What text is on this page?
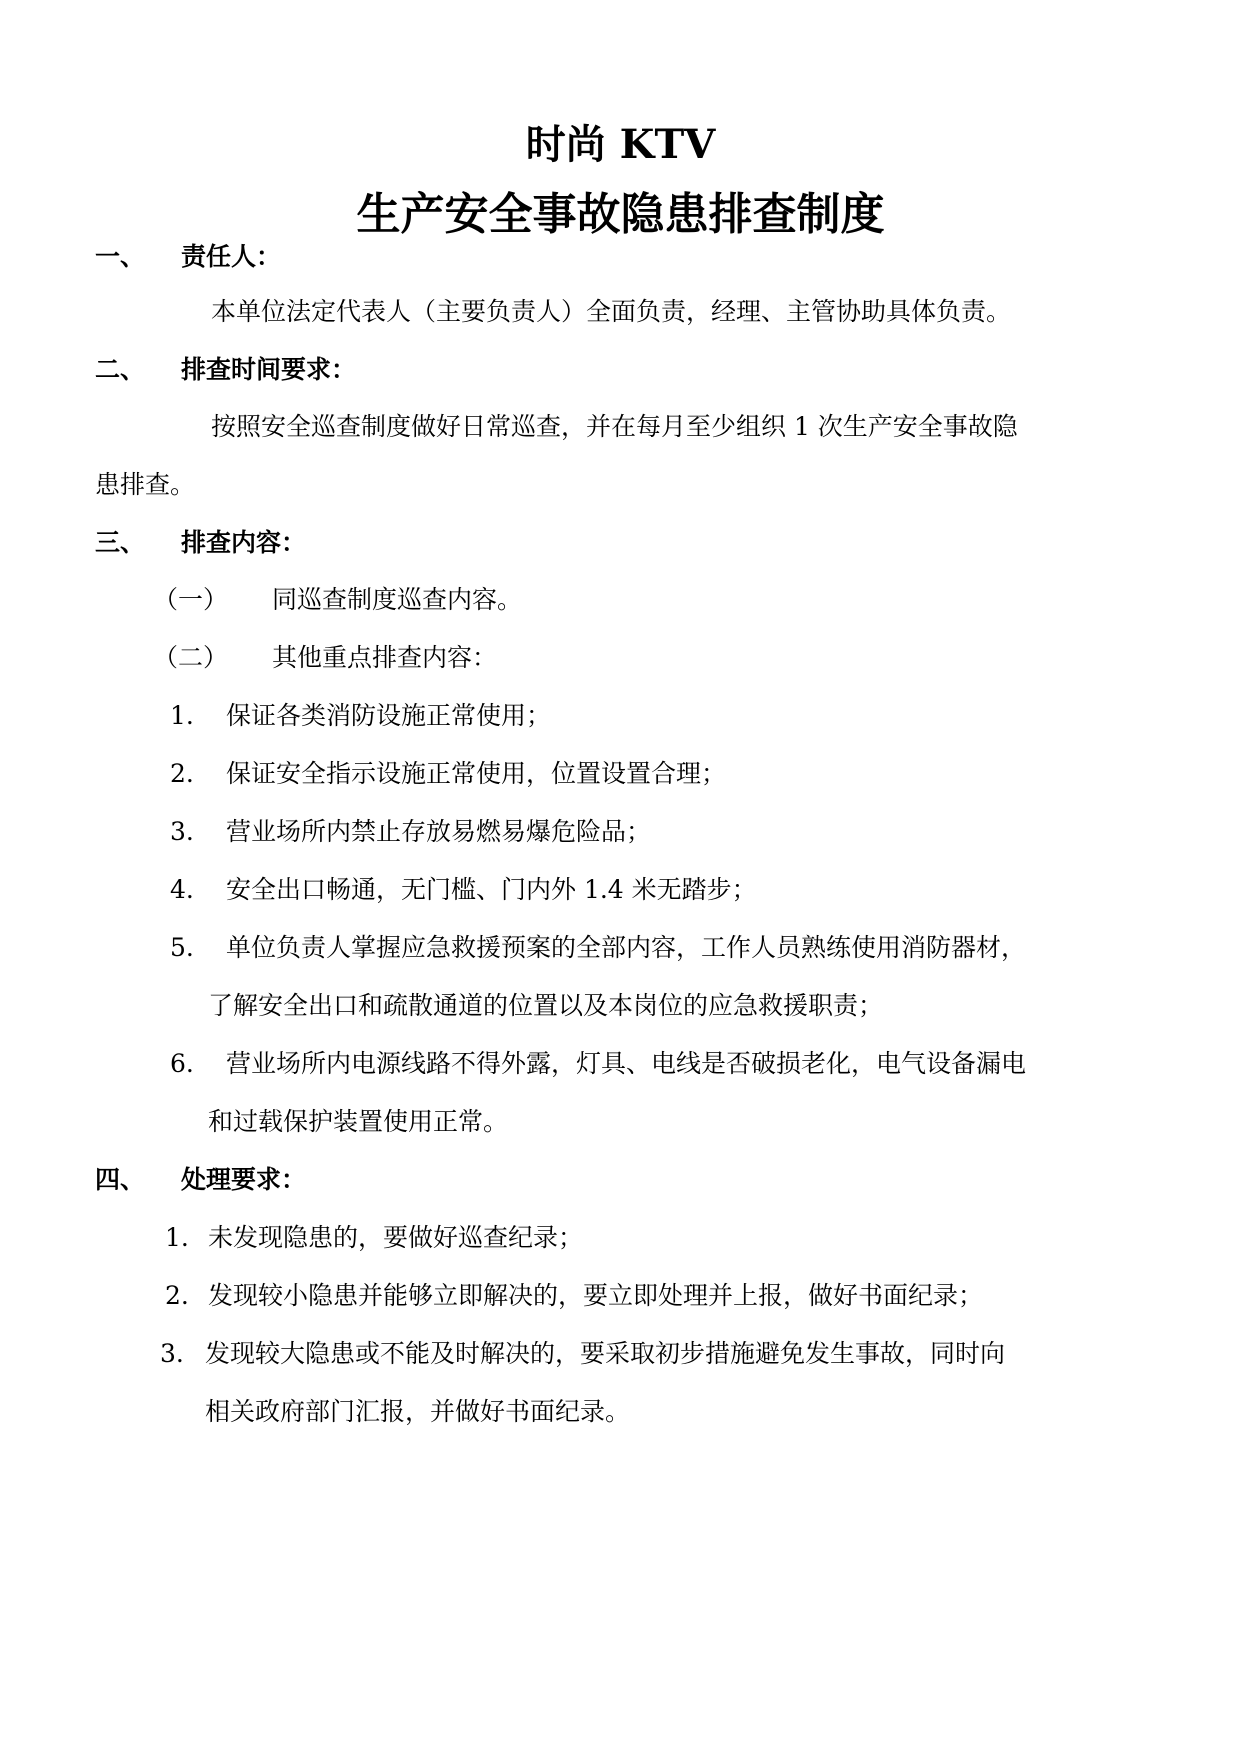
时尚 KTV
生产安全事故隐患排查制度
一、 责任人：
本单位法定代表人（主要负责人）全面负责，经理、主管协助具体负责。
二、 排查时间要求：
按照安全巡查制度做好日常巡查，并在每月至少组织 1 次生产安全事故隐
患排查。
三、 排查内容：
（一） 同巡查制度巡查内容。
（二） 其他重点排查内容：
1. 保证各类消防设施正常使用；
2. 保证安全指示设施正常使用，位置设置合理；
3. 营业场所内禁止存放易燃易爆危险品；
4. 安全出口畅通，无门槛、门内外 1.4 米无踏步；
5. 单位负责人掌握应急救援预案的全部内容，工作人员熟练使用消防器材，
了解安全出口和疏散通道的位置以及本岗位的应急救援职责；
6. 营业场所内电源线路不得外露，灯具、电线是否破损老化，电气设备漏电
和过载保护装置使用正常。
四、 处理要求：
1. 未发现隐患的，要做好巡查纪录；
2. 发现较小隐患并能够立即解决的，要立即处理并上报，做好书面纪录；
3. 发现较大隐患或不能及时解决的，要采取初步措施避免发生事故，同时向
相关政府部门汇报，并做好书面纪录。
